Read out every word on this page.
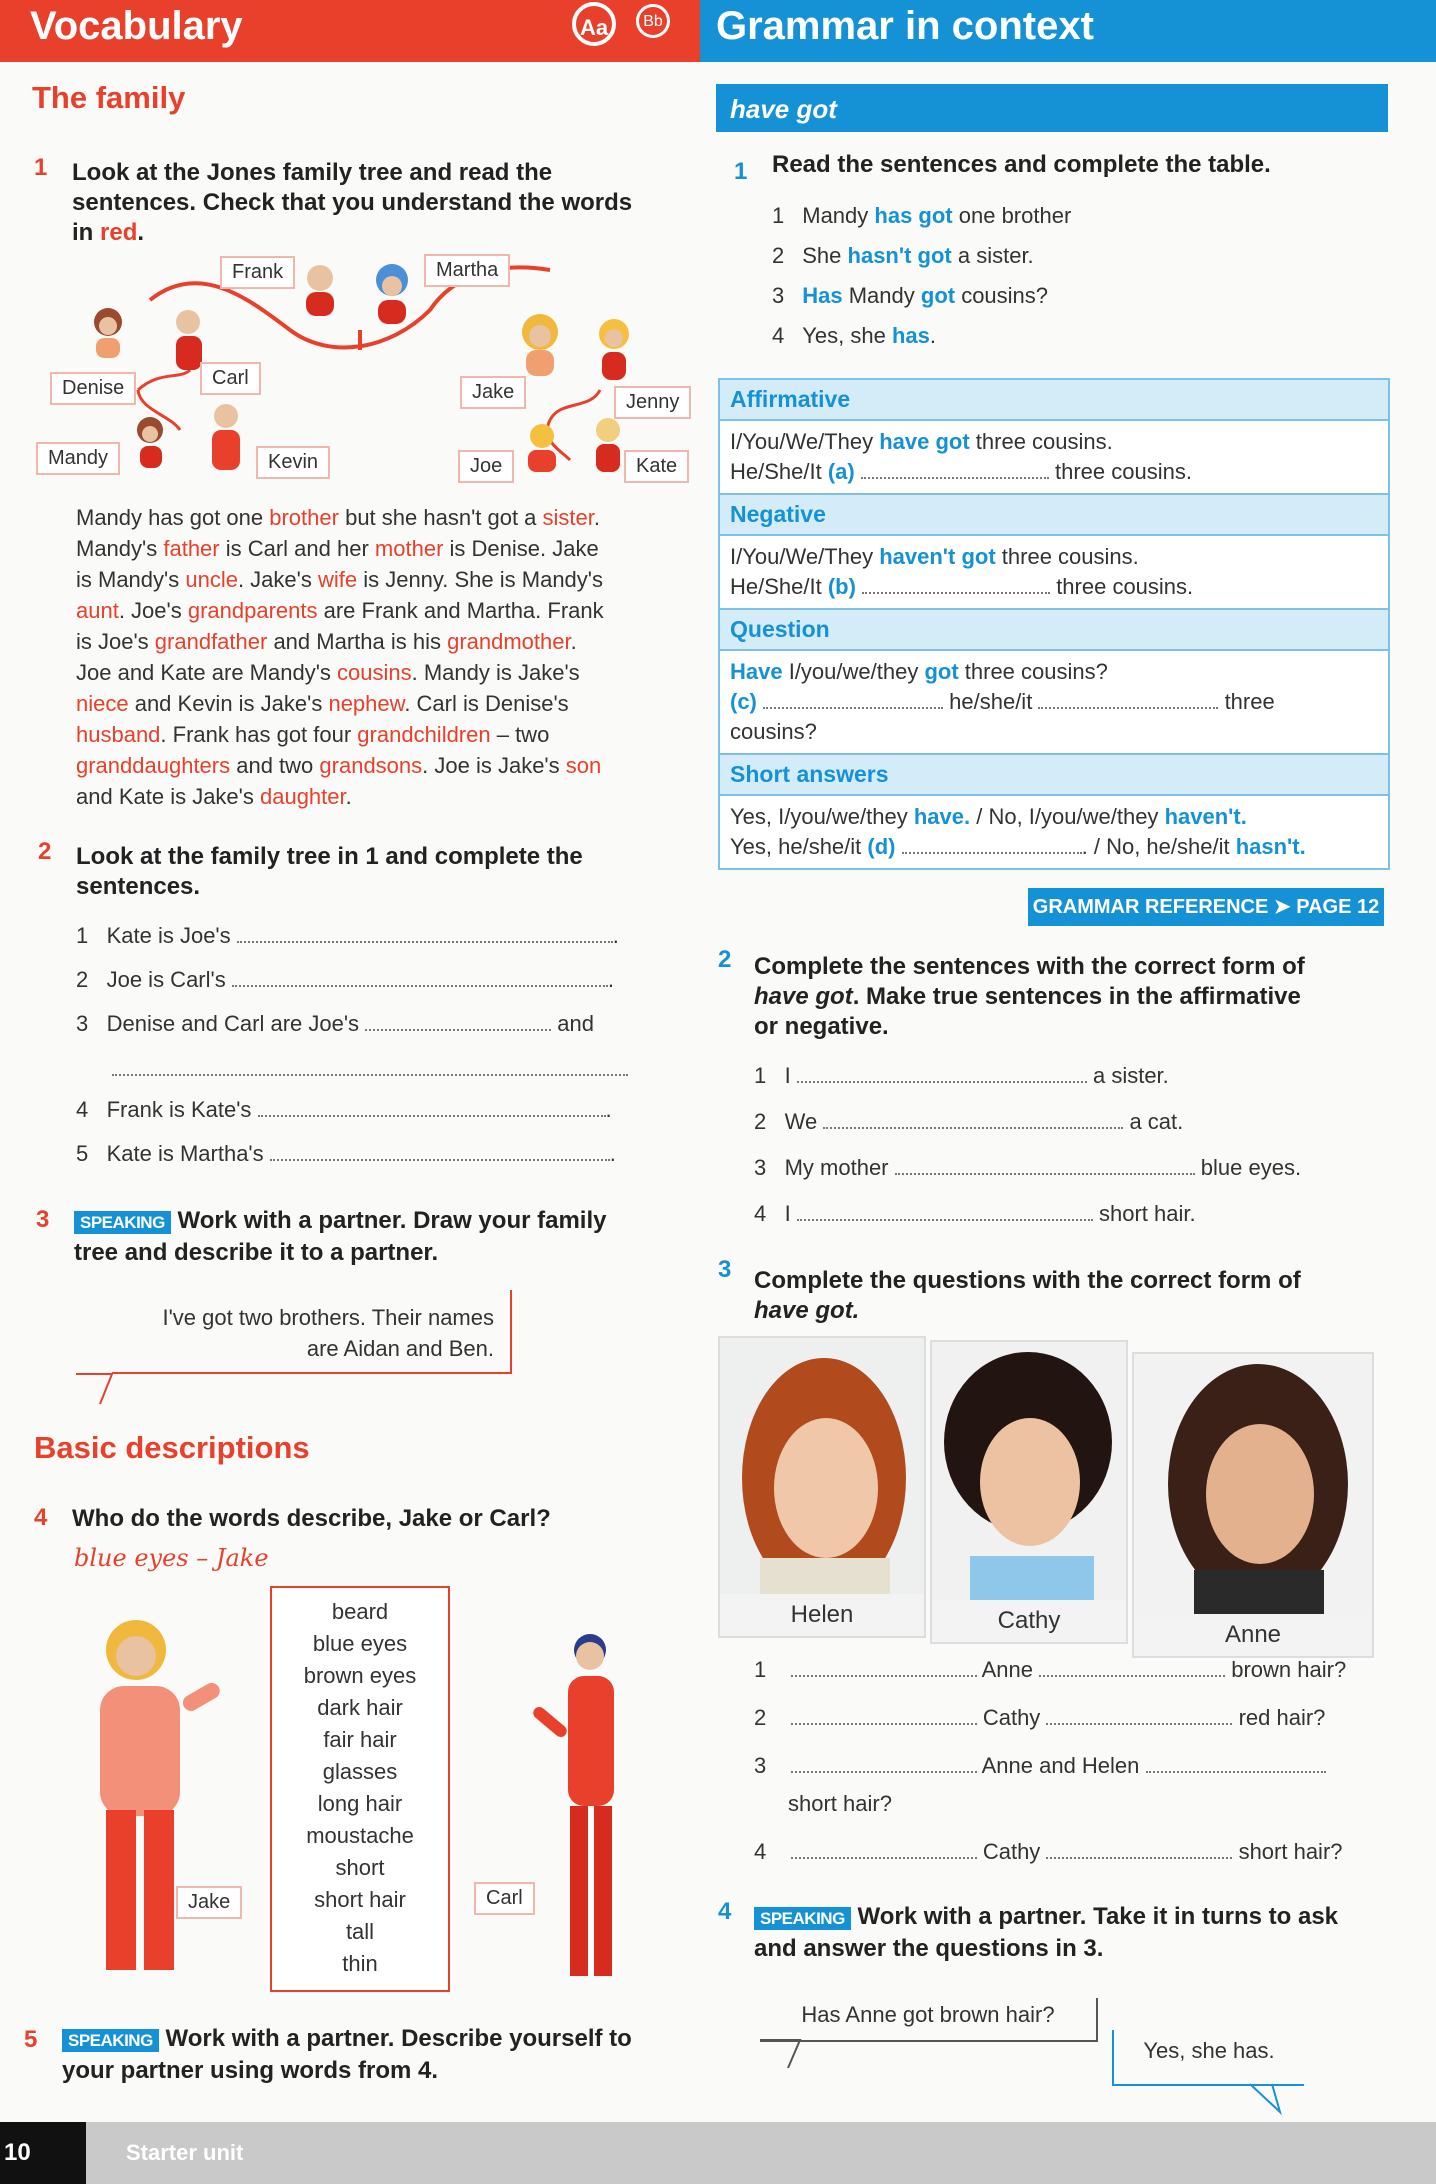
Vocabulary	Aa	Bb Grammar in context
The family
1 Look at the Jones family tree and read the
sentences. Check that you understand the words
in red.
Frank	Martha
Denise	Carl
Jake	Jenny
Mandy	Kevin	Joe	Kate
Mandy has got one brother but she hasn't got a sister.
Mandy's father is Carl and her mother is Denise. Jake
is Mandy's uncle. Jake's wife is Jenny. She is Mandy's
aunt. Joe's grandparents are Frank and Martha. Frank
is Joe's grandfather and Martha is his grandmother.
Joe and Kate are Mandy's cousins. Mandy is Jake's
niece and Kevin is Jake's nephew. Carl is Denise's
husband. Frank has got four grandchildren – two
granddaughters and two grandsons. Joe is Jake's son
and Kate is Jake's daughter.
2 Look at the family tree in 1 and complete the
sentences.
1 Kate is Joe's	.
2 Joe is Carl's	.
3 Denise and Carl are Joe's	and
4 Frank is Kate's	.
5 Kate is Martha's	.
3	SPEAKING Work with a partner. Draw your family
tree and describe it to a partner.
I've got two brothers. Their names
are Aidan and Ben.
Basic descriptions
4 Who do the words describe, Jake or Carl?
blue eyes – Jake
Jake
beard
blue eyes
brown eyes
dark hair
fair hair
glasses
long hair
moustache
short
short hair
tall
thin
Carl
5	SPEAKING Work with a partner. Describe yourself to
your partner using words from 4.
have got
1 Read the sentences and complete the table.
1 Mandy has got one brother
2 She hasn't got a sister.
3 Has Mandy got cousins?
4 Yes, she has.
Affirmative
I/You/We/They have got three cousins.
He/She/It (a)	three cousins.
Negative
I/You/We/They haven't got three cousins.
He/She/It (b)	three cousins.
Question
Have I/you/we/they got three cousins?
(c)	he/she/it	three
cousins?
Short answers
Yes, I/you/we/they have. / No, I/you/we/they haven't.
Yes, he/she/it (d)	. / No, he/she/it hasn't.
GRAMMAR REFERENCE ➤ PAGE 12
2 Complete the sentences with the correct form of
have got. Make true sentences in the affirmative
or negative.
1 I	a sister.
2 We	a cat.
3 My mother	blue eyes.
4 I	short hair.
3 Complete the questions with the correct form of
have got.
Helen	Cathy
Anne
1	Anne	brown hair?
2	Cathy	red hair?
3	Anne and Helen
short hair?
4	Cathy	short hair?
4	SPEAKING Work with a partner. Take it in turns to ask
and answer the questions in 3.
Has Anne got brown hair?
Yes, she has.
10	Starter unit
